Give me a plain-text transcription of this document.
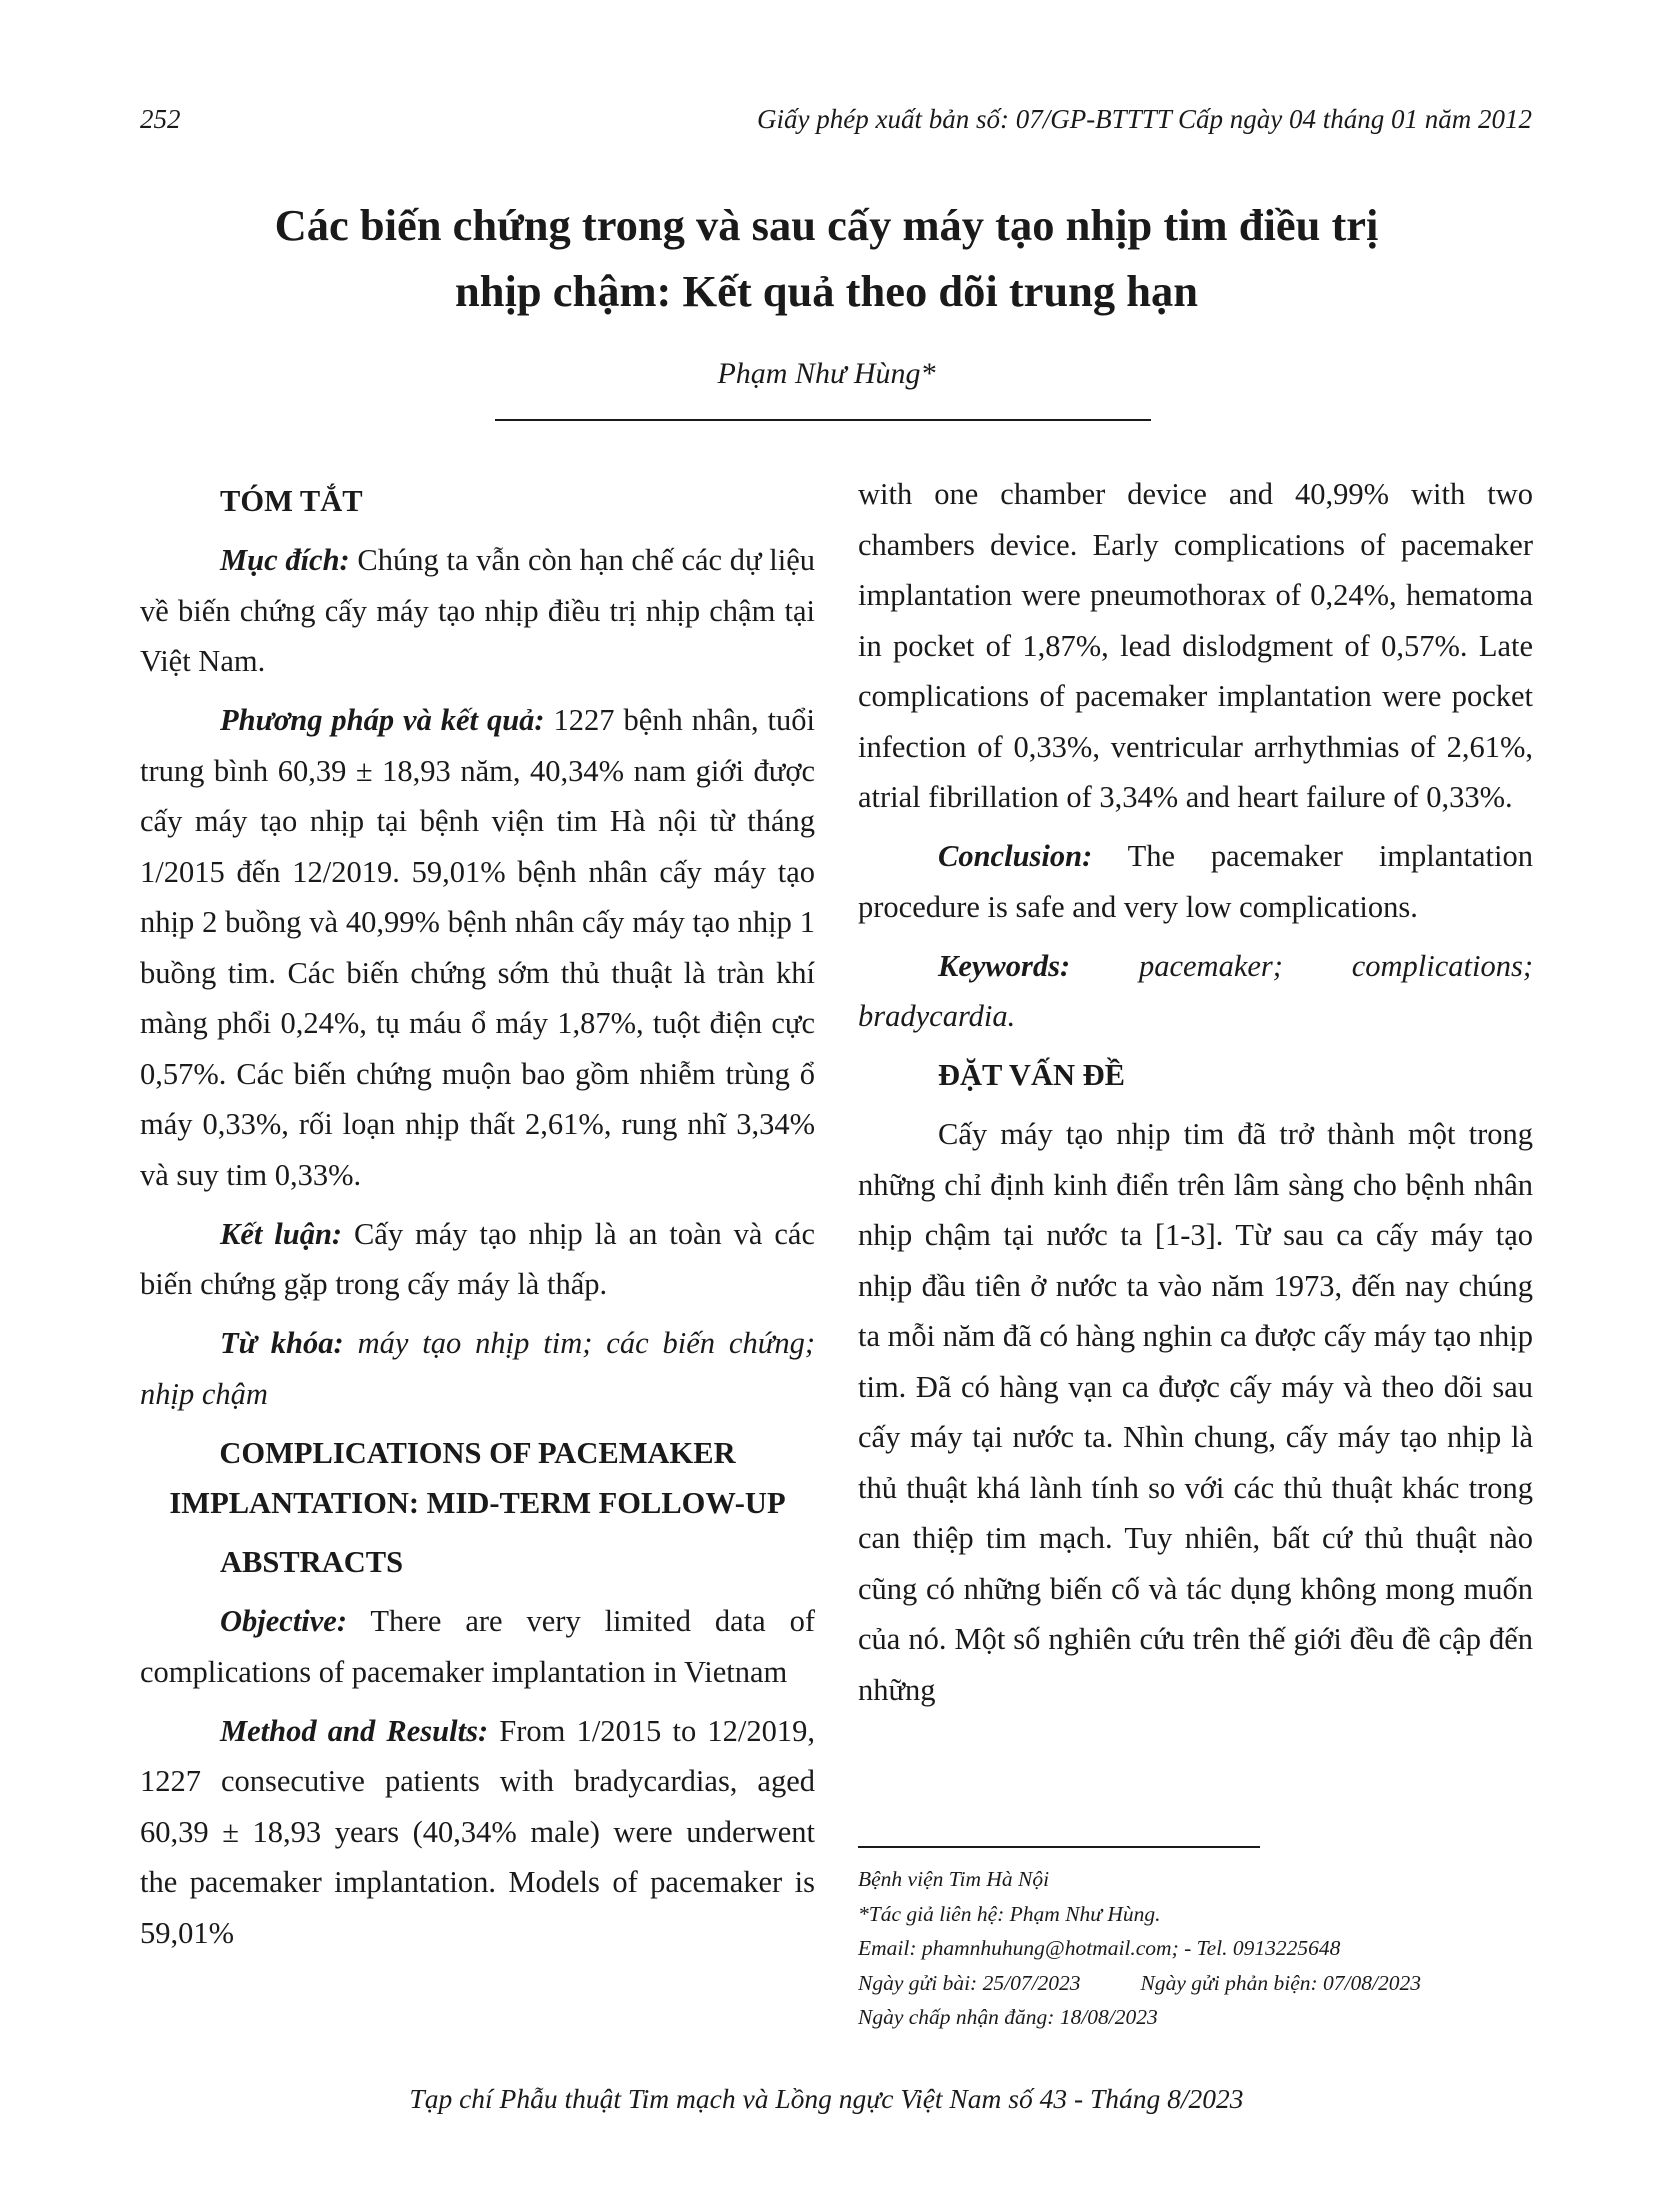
252	Giấy phép xuất bản số: 07/GP-BTTTT Cấp ngày 04 tháng 01 năm 2012
Các biến chứng trong và sau cấy máy tạo nhịp tim điều trị
nhịp chậm: Kết quả theo dõi trung hạn
Phạm Như Hùng*
TÓM TẮT

Mục đích: Chúng ta vẫn còn hạn chế các dự liệu về biến chứng cấy máy tạo nhịp điều trị nhịp chậm tại Việt Nam.

Phương pháp và kết quả: 1227 bệnh nhân, tuổi trung bình 60,39 ± 18,93 năm, 40,34% nam giới được cấy máy tạo nhịp tại bệnh viện tim Hà nội từ tháng 1/2015 đến 12/2019. 59,01% bệnh nhân cấy máy tạo nhịp 2 buồng và 40,99% bệnh nhân cấy máy tạo nhịp 1 buồng tim. Các biến chứng sớm thủ thuật là tràn khí màng phổi 0,24%, tụ máu ổ máy 1,87%, tuột điện cực 0,57%. Các biến chứng muộn bao gồm nhiễm trùng ổ máy 0,33%, rối loạn nhịp thất 2,61%, rung nhĩ 3,34% và suy tim 0,33%.

Kết luận: Cấy máy tạo nhịp là an toàn và các biến chứng gặp trong cấy máy là thấp.

Từ khóa: máy tạo nhịp tim; các biến chứng; nhịp chậm

COMPLICATIONS OF PACEMAKER
IMPLANTATION: MID-TERM FOLLOW-UP
ABSTRACTS

Objective: There are very limited data of complications of pacemaker implantation in Vietnam

Method and Results: From 1/2015 to 12/2019, 1227 consecutive patients with bradycardias, aged 60,39 ± 18,93 years (40,34% male) were underwent the pacemaker implantation. Models of pacemaker is 59,01%

with one chamber device and 40,99% with two chambers device. Early complications of pacemaker implantation were pneumothorax of 0,24%, hematoma in pocket of 1,87%, lead dislodgment of 0,57%. Late complications of pacemaker implantation were pocket infection of 0,33%, ventricular arrhythmias of 2,61%, atrial fibrillation of 3,34% and heart failure of 0,33%.

Conclusion: The pacemaker implantation procedure is safe and very low complications.

Keywords: pacemaker; complications; bradycardia.

ĐẶT VẤN ĐỀ

Cấy máy tạo nhịp tim đã trở thành một trong những chỉ định kinh điển trên lâm sàng cho bệnh nhân nhịp chậm tại nước ta [1-3]. Từ sau ca cấy máy tạo nhịp đầu tiên ở nước ta vào năm 1973, đến nay chúng ta mỗi năm đã có hàng nghin ca được cấy máy tạo nhịp tim. Đã có hàng vạn ca được cấy máy và theo dõi sau cấy máy tại nước ta. Nhìn chung, cấy máy tạo nhịp là thủ thuật khá lành tính so với các thủ thuật khác trong can thiệp tim mạch. Tuy nhiên, bất cứ thủ thuật nào cũng có những biến cố và tác dụng không mong muốn của nó. Một số nghiên cứu trên thế giới đều đề cập đến những

Bệnh viện Tim Hà Nội
*Tác giả liên hệ: Phạm Như Hùng.
Email: phamnhuhung@hotmail.com; - Tel. 0913225648
Ngày gửi bài: 25/07/2023	Ngày gửi phản biện: 07/08/2023
Ngày chấp nhận đăng: 18/08/2023
Tạp chí Phẫu thuật Tim mạch và Lồng ngực Việt Nam số 43 - Tháng 8/2023
